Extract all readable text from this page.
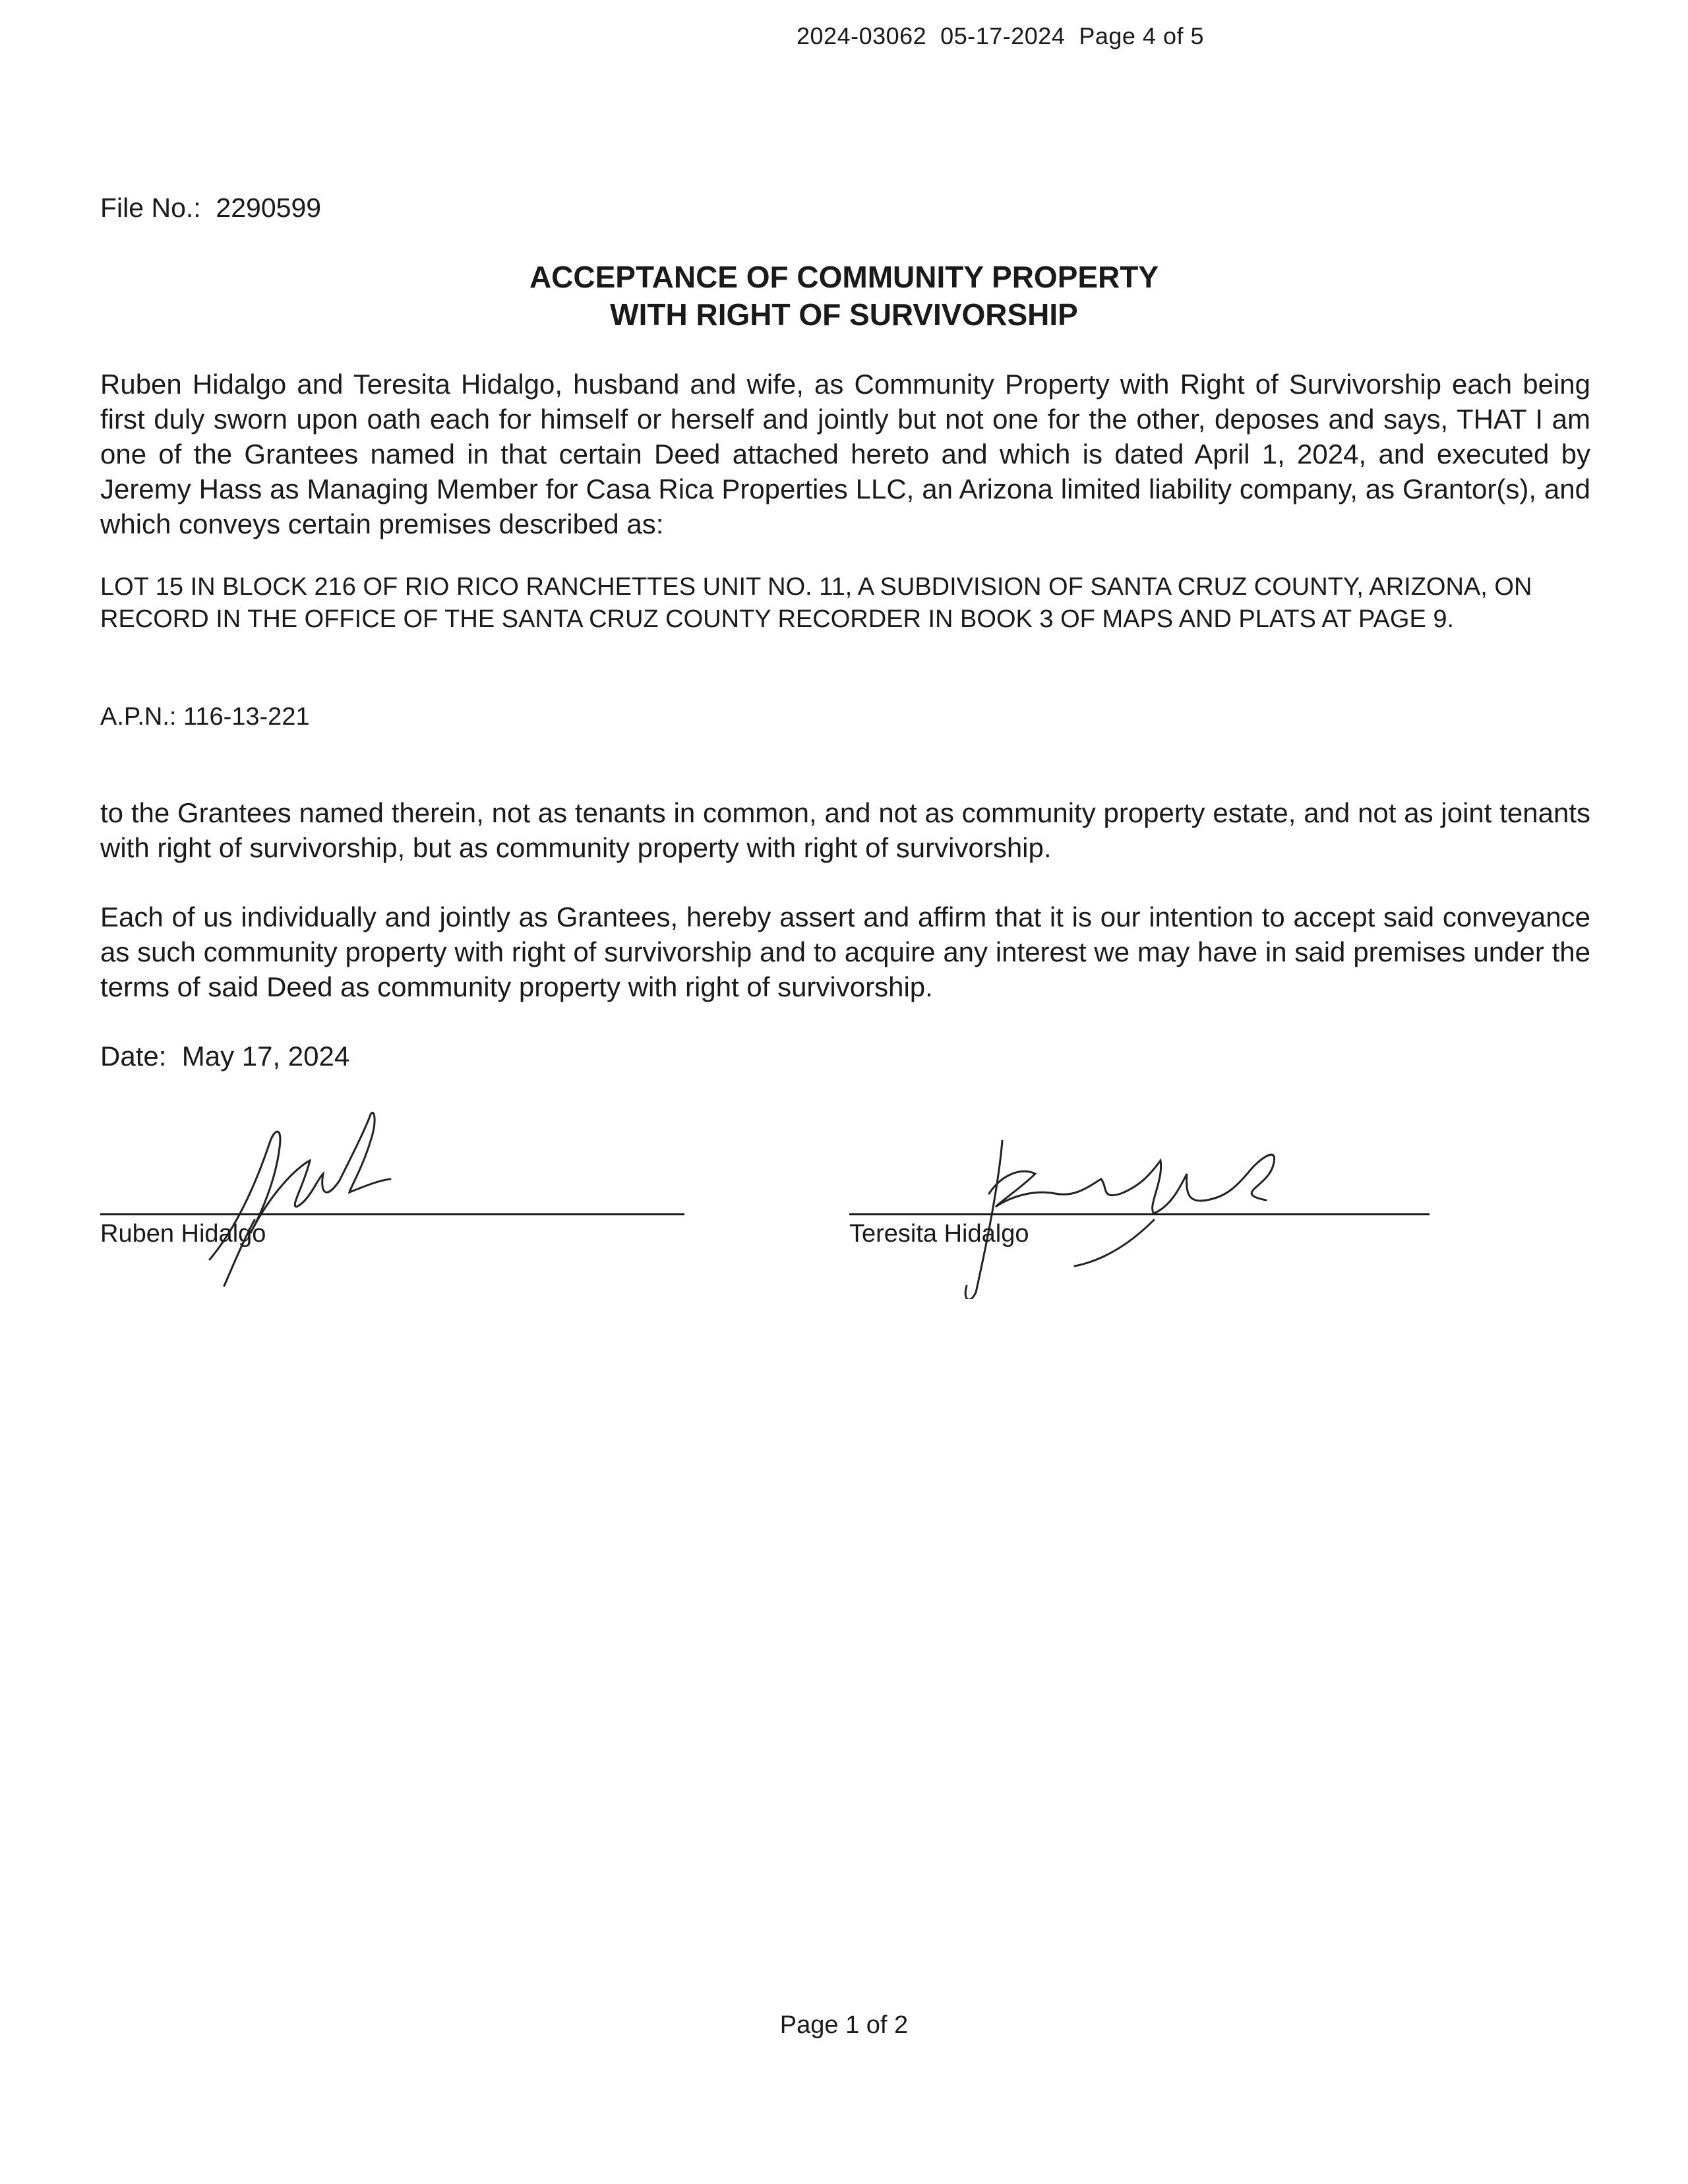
2024-03062  05-17-2024  Page 4 of 5
File No.:  2290599
ACCEPTANCE OF COMMUNITY PROPERTY
WITH RIGHT OF SURVIVORSHIP
Ruben Hidalgo and Teresita Hidalgo, husband and wife, as Community Property with Right of Survivorship each being first duly sworn upon oath each for himself or herself and jointly but not one for the other, deposes and says, THAT I am one of the Grantees named in that certain Deed attached hereto and which is dated April 1, 2024, and executed by Jeremy Hass as Managing Member for Casa Rica Properties LLC, an Arizona limited liability company, as Grantor(s), and which conveys certain premises described as:
LOT 15 IN BLOCK 216 OF RIO RICO RANCHETTES UNIT NO. 11, A SUBDIVISION OF SANTA CRUZ COUNTY, ARIZONA, ON RECORD IN THE OFFICE OF THE SANTA CRUZ COUNTY RECORDER IN BOOK 3 OF MAPS AND PLATS AT PAGE 9.
A.P.N.: 116-13-221
to the Grantees named therein, not as tenants in common, and not as community property estate, and not as joint tenants with right of survivorship, but as community property with right of survivorship.
Each of us individually and jointly as Grantees, hereby assert and affirm that it is our intention to accept said conveyance as such community property with right of survivorship and to acquire any interest we may have in said premises under the terms of said Deed as community property with right of survivorship.
Date:  May 17, 2024
Ruben Hidalgo	Teresita Hidalgo
Page 1 of 2
